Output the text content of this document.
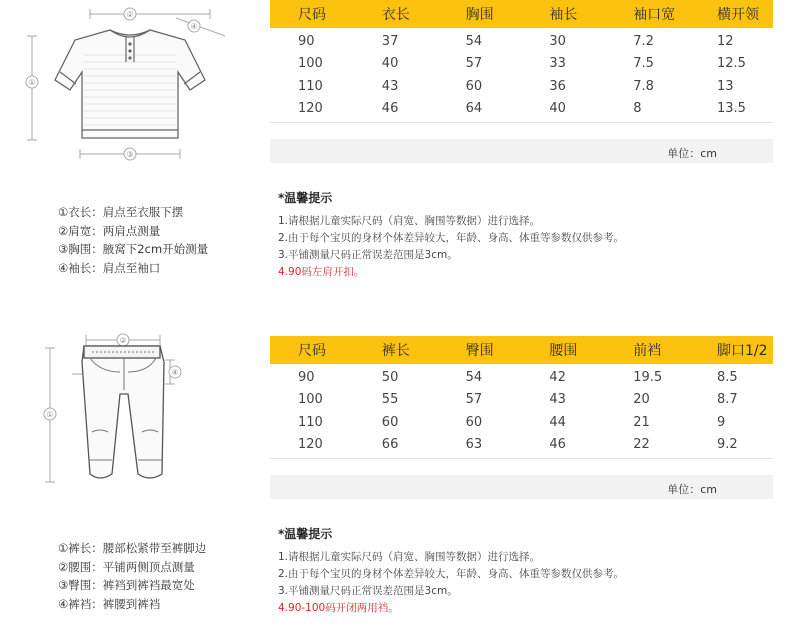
②
①
③
④
①衣长：肩点至衣服下摆
②肩宽：两肩点测量
③胸围：腋窝下2cm开始测量
④袖长：肩点至袖口
尺码	衣长	胸围	袖长	袖口宽	横开领
90	37	54	30	7.2	12
100	40	57	33	7.5	12.5
110	43	60	36	7.8	13
120	46	64	40	8	13.5
单位：cm
*温馨提示
1.请根据儿童实际尺码（肩宽、胸围等数据）进行选择。
2.由于每个宝贝的身材个体差异较大，年龄、身高、体重等参数仅供参考。
3.平铺测量尺码正常误差范围是3cm。
4.90码左肩开扣。
②
①
④
①裤长：腰部松紧带至裤脚边
②腰围：平铺两侧顶点测量
③臀围：裤裆到裤裆最宽处
④裤裆：裤腰到裤裆
尺码	裤长	臀围	腰围	前裆	脚口1/2
90	50	54	42	19.5	8.5
100	55	57	43	20	8.7
110	60	60	44	21	9
120	66	63	46	22	9.2
单位：cm
*温馨提示
1.请根据儿童实际尺码（肩宽、胸围等数据）进行选择。
2.由于每个宝贝的身材个体差异较大，年龄、身高、体重等参数仅供参考。
3.平铺测量尺码正常误差范围是3cm。
4.90-100码开闭两用裆。
